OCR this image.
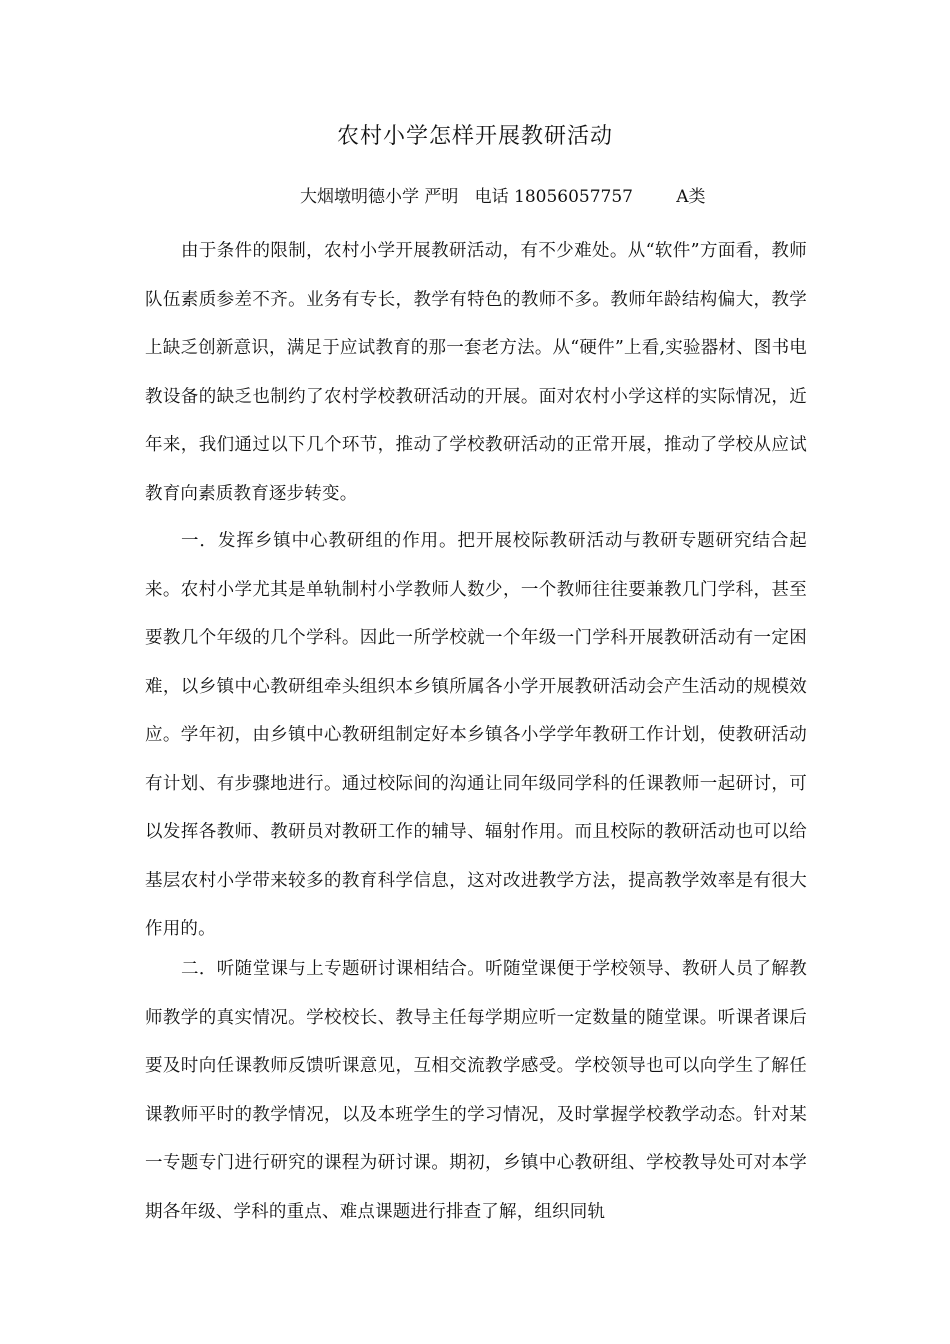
农村小学怎样开展教研活动
大烟墩明德小学 严明   电话 18056057757        A类

由于条件的限制，农村小学开展教研活动，有不少难处。从“软件”方面看，教师队伍素质参差不齐。业务有专长，教学有特色的教师不多。教师年龄结构偏大，教学上缺乏创新意识，满足于应试教育的那一套老方法。从“硬件”上看,实验器材、图书电教设备的缺乏也制约了农村学校教研活动的开展。面对农村小学这样的实际情况，近年来，我们通过以下几个环节，推动了学校教研活动的正常开展，推动了学校从应试教育向素质教育逐步转变。

一．发挥乡镇中心教研组的作用。把开展校际教研活动与教研专题研究结合起来。农村小学尤其是单轨制村小学教师人数少，一个教师往往要兼教几门学科，甚至要教几个年级的几个学科。因此一所学校就一个年级一门学科开展教研活动有一定困难，以乡镇中心教研组牵头组织本乡镇所属各小学开展教研活动会产生活动的规模效应。学年初，由乡镇中心教研组制定好本乡镇各小学学年教研工作计划，使教研活动有计划、有步骤地进行。通过校际间的沟通让同年级同学科的任课教师一起研讨，可以发挥各教师、教研员对教研工作的辅导、辐射作用。而且校际的教研活动也可以给基层农村小学带来较多的教育科学信息，这对改进教学方法，提高教学效率是有很大作用的。

二．听随堂课与上专题研讨课相结合。听随堂课便于学校领导、教研人员了解教师教学的真实情况。学校校长、教导主任每学期应听一定数量的随堂课。听课者课后要及时向任课教师反馈听课意见，互相交流教学感受。学校领导也可以向学生了解任课教师平时的教学情况，以及本班学生的学习情况，及时掌握学校教学动态。针对某一专题专门进行研究的课程为研讨课。期初，乡镇中心教研组、学校教导处可对本学期各年级、学科的重点、难点课题进行排查了解，组织同轨
